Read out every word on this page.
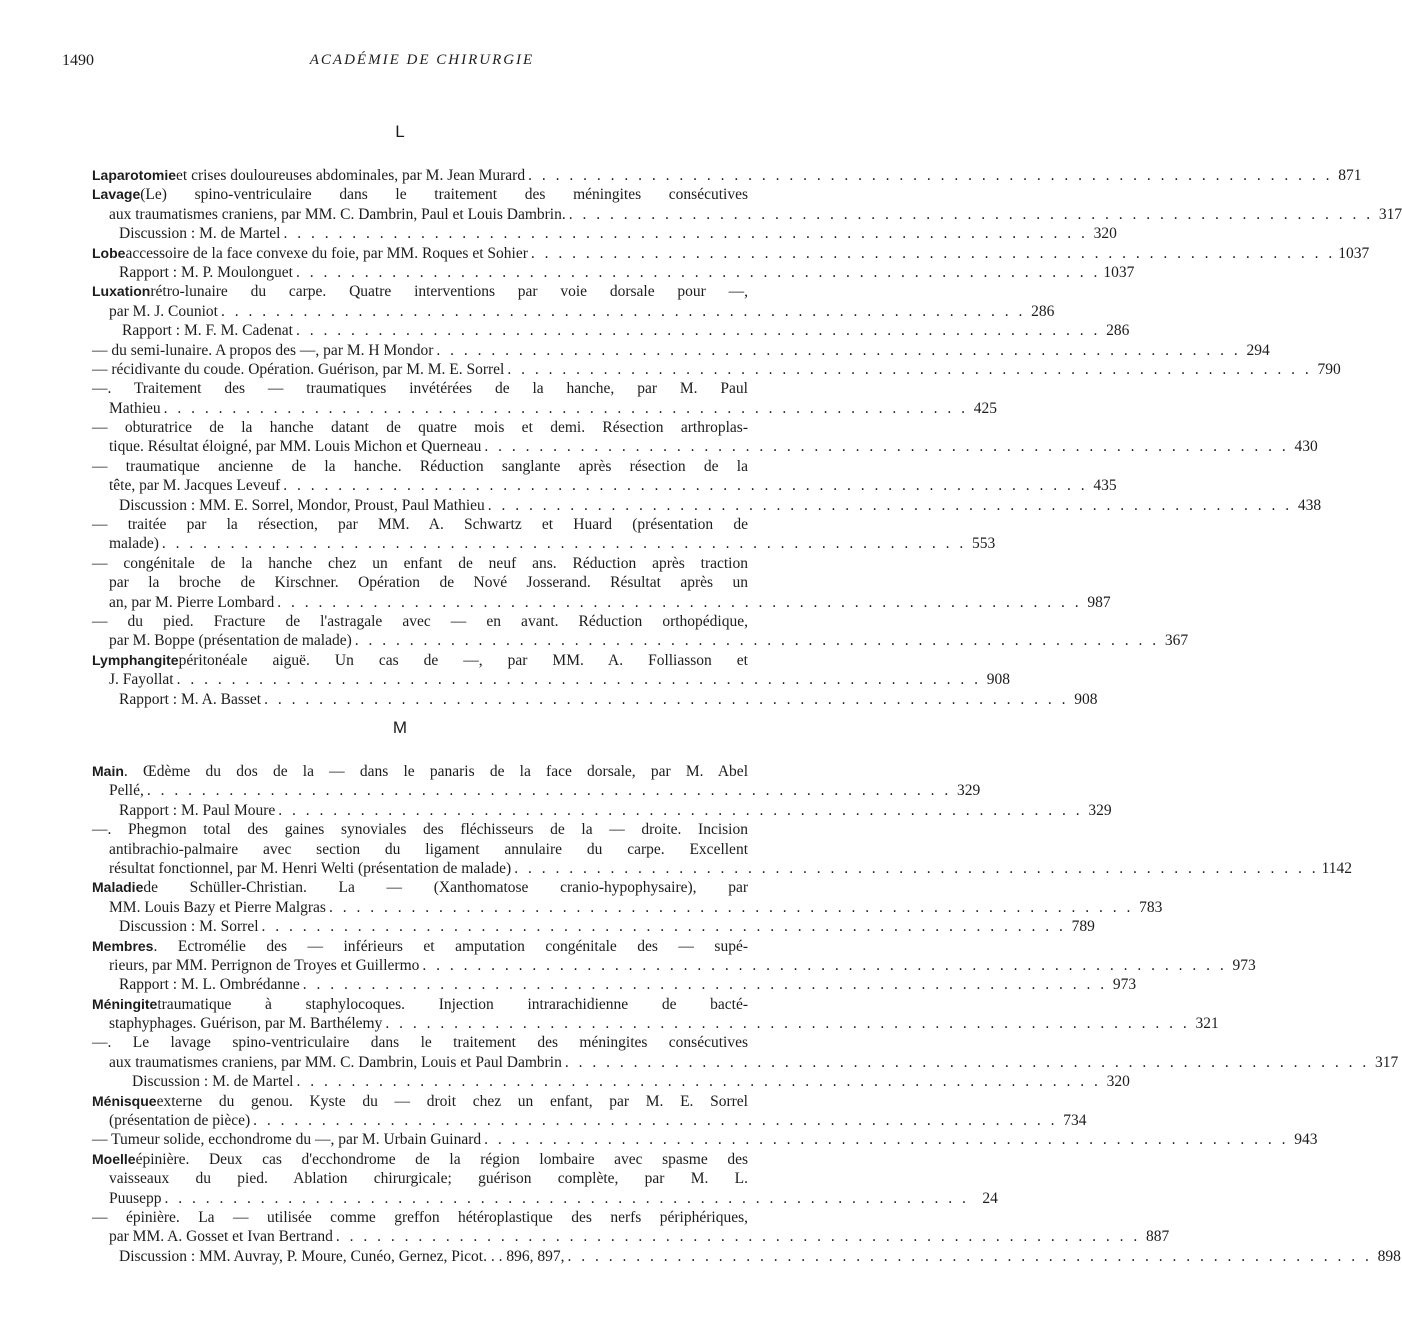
1490	ACADÉMIE DE CHIRURGIE
L
Laparotomie et crises douloureuses abdominales, par M. Jean Murard . . . . . . . . . . . . . . . . . . . . . . . . . . . . . . . . . . . . . . . . . . . . . . . . . . . . . . . . . . . 871
Lavage (Le) spino-ventriculaire dans le traitement des méningites consécutives
aux traumatismes craniens, par MM. C. Dambrin, Paul et Louis Dambrin. . . . . . . . . . . . . . . . . . . . . . . . . . . . . . . . . . . . . . . . . . . . . . . . . . . . . . . . . . . . 317
Discussion : M. de Martel . . . . . . . . . . . . . . . . . . . . . . . . . . . . . . . . . . . . . . . . . . . . . . . . . . . . . . . . . . . 320
Lobe accessoire de la face convexe du foie, par MM. Roques et Sohier . . . . . . . . . . . . . . . . . . . . . . . . . . . . . . . . . . . . . . . . . . . . . . . . . . . . . . . . . . . 1037
Rapport : M. P. Moulonguet . . . . . . . . . . . . . . . . . . . . . . . . . . . . . . . . . . . . . . . . . . . . . . . . . . . . . . . . . . . 1037
Luxation rétro-lunaire du carpe. Quatre interventions par voie dorsale pour —,
par M. J. Couniot . . . . . . . . . . . . . . . . . . . . . . . . . . . . . . . . . . . . . . . . . . . . . . . . . . . . . . . . . . . 286
Rapport : M. F. M. Cadenat . . . . . . . . . . . . . . . . . . . . . . . . . . . . . . . . . . . . . . . . . . . . . . . . . . . . . . . . . . . 286
— du semi-lunaire. A propos des —, par M. H Mondor . . . . . . . . . . . . . . . . . . . . . . . . . . . . . . . . . . . . . . . . . . . . . . . . . . . . . . . . . . . 294
— récidivante du coude. Opération. Guérison, par M. M. E. Sorrel . . . . . . . . . . . . . . . . . . . . . . . . . . . . . . . . . . . . . . . . . . . . . . . . . . . . . . . . . . . 790
—. Traitement des — traumatiques invétérées de la hanche, par M. Paul
Mathieu . . . . . . . . . . . . . . . . . . . . . . . . . . . . . . . . . . . . . . . . . . . . . . . . . . . . . . . . . . . 425
— obturatrice de la hanche datant de quatre mois et demi. Résection arthroplas-
tique. Résultat éloigné, par MM. Louis Michon et Querneau . . . . . . . . . . . . . . . . . . . . . . . . . . . . . . . . . . . . . . . . . . . . . . . . . . . . . . . . . . . 430
— traumatique ancienne de la hanche. Réduction sanglante après résection de la
tête, par M. Jacques Leveuf . . . . . . . . . . . . . . . . . . . . . . . . . . . . . . . . . . . . . . . . . . . . . . . . . . . . . . . . . . . 435
Discussion : MM. E. Sorrel, Mondor, Proust, Paul Mathieu . . . . . . . . . . . . . . . . . . . . . . . . . . . . . . . . . . . . . . . . . . . . . . . . . . . . . . . . . . . 438
— traitée par la résection, par MM. A. Schwartz et Huard (présentation de
malade) . . . . . . . . . . . . . . . . . . . . . . . . . . . . . . . . . . . . . . . . . . . . . . . . . . . . . . . . . . . 553
— congénitale de la hanche chez un enfant de neuf ans. Réduction après traction
par la broche de Kirschner. Opération de Nové Josserand. Résultat après un
an, par M. Pierre Lombard . . . . . . . . . . . . . . . . . . . . . . . . . . . . . . . . . . . . . . . . . . . . . . . . . . . . . . . . . . . 987
— du pied. Fracture de l'astragale avec — en avant. Réduction orthopédique,
par M. Boppe (présentation de malade) . . . . . . . . . . . . . . . . . . . . . . . . . . . . . . . . . . . . . . . . . . . . . . . . . . . . . . . . . . . 367
Lymphangite péritonéale aiguë. Un cas de —, par MM. A. Folliasson et
J. Fayollat . . . . . . . . . . . . . . . . . . . . . . . . . . . . . . . . . . . . . . . . . . . . . . . . . . . . . . . . . . . 908
Rapport : M. A. Basset . . . . . . . . . . . . . . . . . . . . . . . . . . . . . . . . . . . . . . . . . . . . . . . . . . . . . . . . . . . 908
M
Main . Œdème du dos de la — dans le panaris de la face dorsale, par M. Abel
Pellé, . . . . . . . . . . . . . . . . . . . . . . . . . . . . . . . . . . . . . . . . . . . . . . . . . . . . . . . . . . . 329
Rapport : M. Paul Moure . . . . . . . . . . . . . . . . . . . . . . . . . . . . . . . . . . . . . . . . . . . . . . . . . . . . . . . . . . . 329
—. Phegmon total des gaines synoviales des fléchisseurs de la — droite. Incision
antibrachio-palmaire avec section du ligament annulaire du carpe. Excellent
résultat fonctionnel, par M. Henri Welti (présentation de malade) . . . . . . . . . . . . . . . . . . . . . . . . . . . . . . . . . . . . . . . . . . . . . . . . . . . . . . . . . . . 1142
Maladie de Schüller-Christian. La — (Xanthomatose cranio-hypophysaire), par
MM. Louis Bazy et Pierre Malgras . . . . . . . . . . . . . . . . . . . . . . . . . . . . . . . . . . . . . . . . . . . . . . . . . . . . . . . . . . . 783
Discussion : M. Sorrel . . . . . . . . . . . . . . . . . . . . . . . . . . . . . . . . . . . . . . . . . . . . . . . . . . . . . . . . . . . 789
Membres . Ectromélie des — inférieurs et amputation congénitale des — supé-
rieurs, par MM. Perrignon de Troyes et Guillermo . . . . . . . . . . . . . . . . . . . . . . . . . . . . . . . . . . . . . . . . . . . . . . . . . . . . . . . . . . . 973
Rapport : M. L. Ombrédanne . . . . . . . . . . . . . . . . . . . . . . . . . . . . . . . . . . . . . . . . . . . . . . . . . . . . . . . . . . . 973
Méningite traumatique à staphylocoques. Injection intrarachidienne de bacté-
staphyphages. Guérison, par M. Barthélemy . . . . . . . . . . . . . . . . . . . . . . . . . . . . . . . . . . . . . . . . . . . . . . . . . . . . . . . . . . . 321
—. Le lavage spino-ventriculaire dans le traitement des méningites consécutives
aux traumatismes craniens, par MM. C. Dambrin, Louis et Paul Dambrin . . . . . . . . . . . . . . . . . . . . . . . . . . . . . . . . . . . . . . . . . . . . . . . . . . . . . . . . . . . 317
Discussion : M. de Martel . . . . . . . . . . . . . . . . . . . . . . . . . . . . . . . . . . . . . . . . . . . . . . . . . . . . . . . . . . . 320
Ménisque externe du genou. Kyste du — droit chez un enfant, par M. E. Sorrel
(présentation de pièce) . . . . . . . . . . . . . . . . . . . . . . . . . . . . . . . . . . . . . . . . . . . . . . . . . . . . . . . . . . . 734
— Tumeur solide, ecchondrome du —, par M. Urbain Guinard . . . . . . . . . . . . . . . . . . . . . . . . . . . . . . . . . . . . . . . . . . . . . . . . . . . . . . . . . . . 943
Moelle épinière. Deux cas d'ecchondrome de la région lombaire avec spasme des
vaisseaux du pied. Ablation chirurgicale; guérison complète, par M. L.
Puusepp . . . . . . . . . . . . . . . . . . . . . . . . . . . . . . . . . . . . . . . . . . . . . . . . . . . . . . . . . . . 24
— épinière. La — utilisée comme greffon hétéroplastique des nerfs périphériques,
par MM. A. Gosset et Ivan Bertrand . . . . . . . . . . . . . . . . . . . . . . . . . . . . . . . . . . . . . . . . . . . . . . . . . . . . . . . . . . . 887
Discussion : MM. Auvray, P. Moure, Cunéo, Gernez, Picot. . . 896, 897, . . . . . . . . . . . . . . . . . . . . . . . . . . . . . . . . . . . . . . . . . . . . . . . . . . . . . . . . . . . 898
